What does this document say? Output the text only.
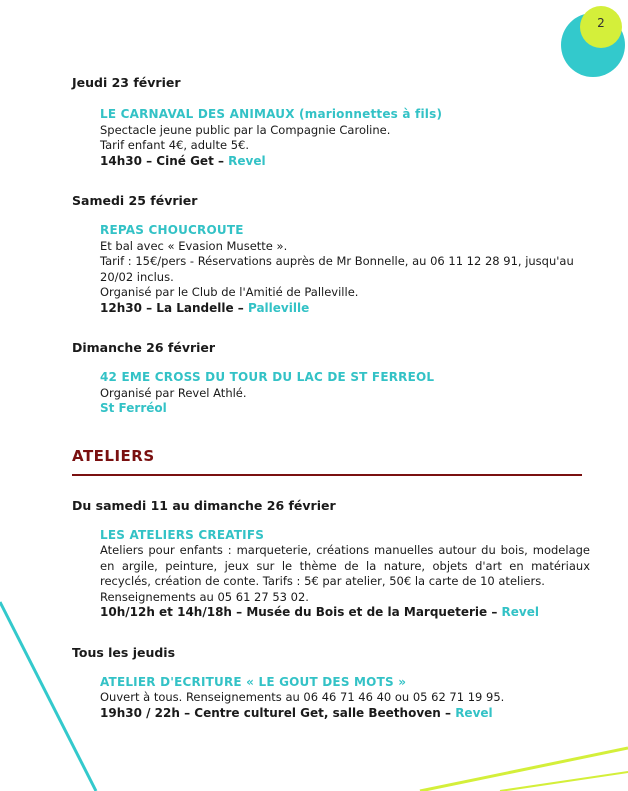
2

Jeudi 23 février

LE CARNAVAL DES ANIMAUX (marionnettes à fils)

Spectacle jeune public par la Compagnie Caroline.

Tarif enfant 4€, adulte 5€.

14h30 – Ciné Get – Revel

Samedi 25 février

REPAS CHOUCROUTE

Et bal avec « Evasion Musette ».

Tarif : 15€/pers - Réservations auprès de Mr Bonnelle, au 06 11 12 28 91, jusqu'au

20/02 inclus.

Organisé par le Club de l'Amitié de Palleville.

12h30 – La Landelle – Palleville

Dimanche 26 février

42 EME CROSS DU TOUR DU LAC DE ST FERREOL

Organisé par Revel Athlé.

St Ferréol

ATELIERS

Du samedi 11 au dimanche 26 février

LES ATELIERS CREATIFS

Ateliers pour enfants : marqueterie, créations manuelles autour du bois, modelage en argile, peinture, jeux sur le thème de la nature, objets d'art en matériaux recyclés, création de conte. Tarifs : 5€ par atelier, 50€ la carte de 10 ateliers.

Renseignements au 05 61 27 53 02.

10h/12h et 14h/18h – Musée du Bois et de la Marqueterie – Revel

Tous les jeudis

ATELIER D'ECRITURE « LE GOUT DES MOTS »

Ouvert à tous. Renseignements au 06 46 71 46 40 ou 05 62 71 19 95.

19h30 / 22h – Centre culturel Get, salle Beethoven – Revel
